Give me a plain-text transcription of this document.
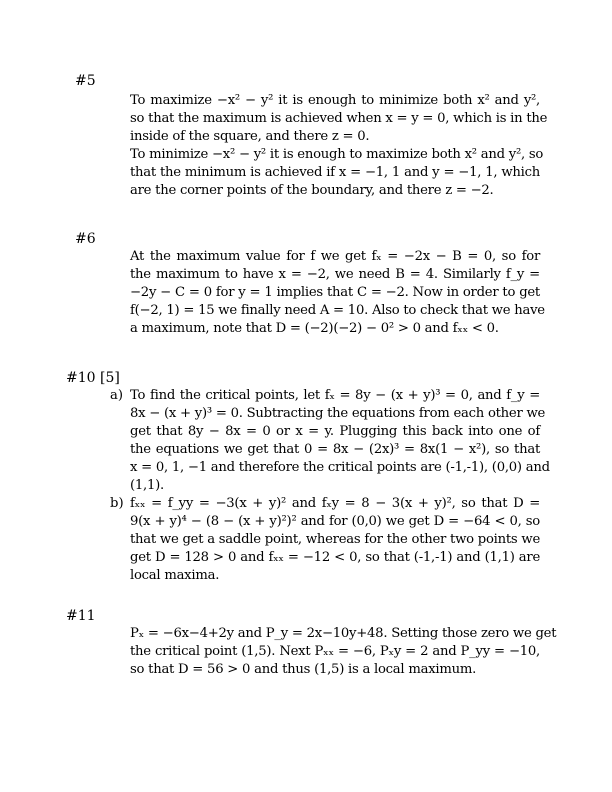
#5
To maximize −x² − y² it is enough to minimize both x² and y²,
so that the maximum is achieved when x = y = 0, which is in the
inside of the square, and there z = 0.
To minimize −x² − y² it is enough to maximize both x² and y², so
that the minimum is achieved if x = −1, 1 and y = −1, 1, which
are the corner points of the boundary, and there z = −2.
#6
At the maximum value for f we get fₓ = −2x − B = 0, so for
the maximum to have x = −2, we need B = 4. Similarly f_y =
−2y − C = 0 for y = 1 implies that C = −2. Now in order to get
f(−2, 1) = 15 we finally need A = 10. Also to check that we have
a maximum, note that D = (−2)(−2) − 0² > 0 and fₓₓ < 0.
#10 [5]
a) To find the critical points, let fₓ = 8y − (x + y)³ = 0, and f_y =
8x − (x + y)³ = 0. Subtracting the equations from each other we
get that 8y − 8x = 0 or x = y. Plugging this back into one of
the equations we get that 0 = 8x − (2x)³ = 8x(1 − x²), so that
x = 0, 1, −1 and therefore the critical points are (-1,-1), (0,0) and
(1,1).
b) fₓₓ = f_yy = −3(x + y)² and fₓy = 8 − 3(x + y)², so that D =
9(x + y)⁴ − (8 − (x + y)²)² and for (0,0) we get D = −64 < 0, so
that we get a saddle point, whereas for the other two points we
get D = 128 > 0 and fₓₓ = −12 < 0, so that (-1,-1) and (1,1) are
local maxima.
#11
Pₓ = −6x−4+2y and P_y = 2x−10y+48. Setting those zero we get
the critical point (1,5). Next Pₓₓ = −6, Pₓy = 2 and P_yy = −10,
so that D = 56 > 0 and thus (1,5) is a local maximum.
